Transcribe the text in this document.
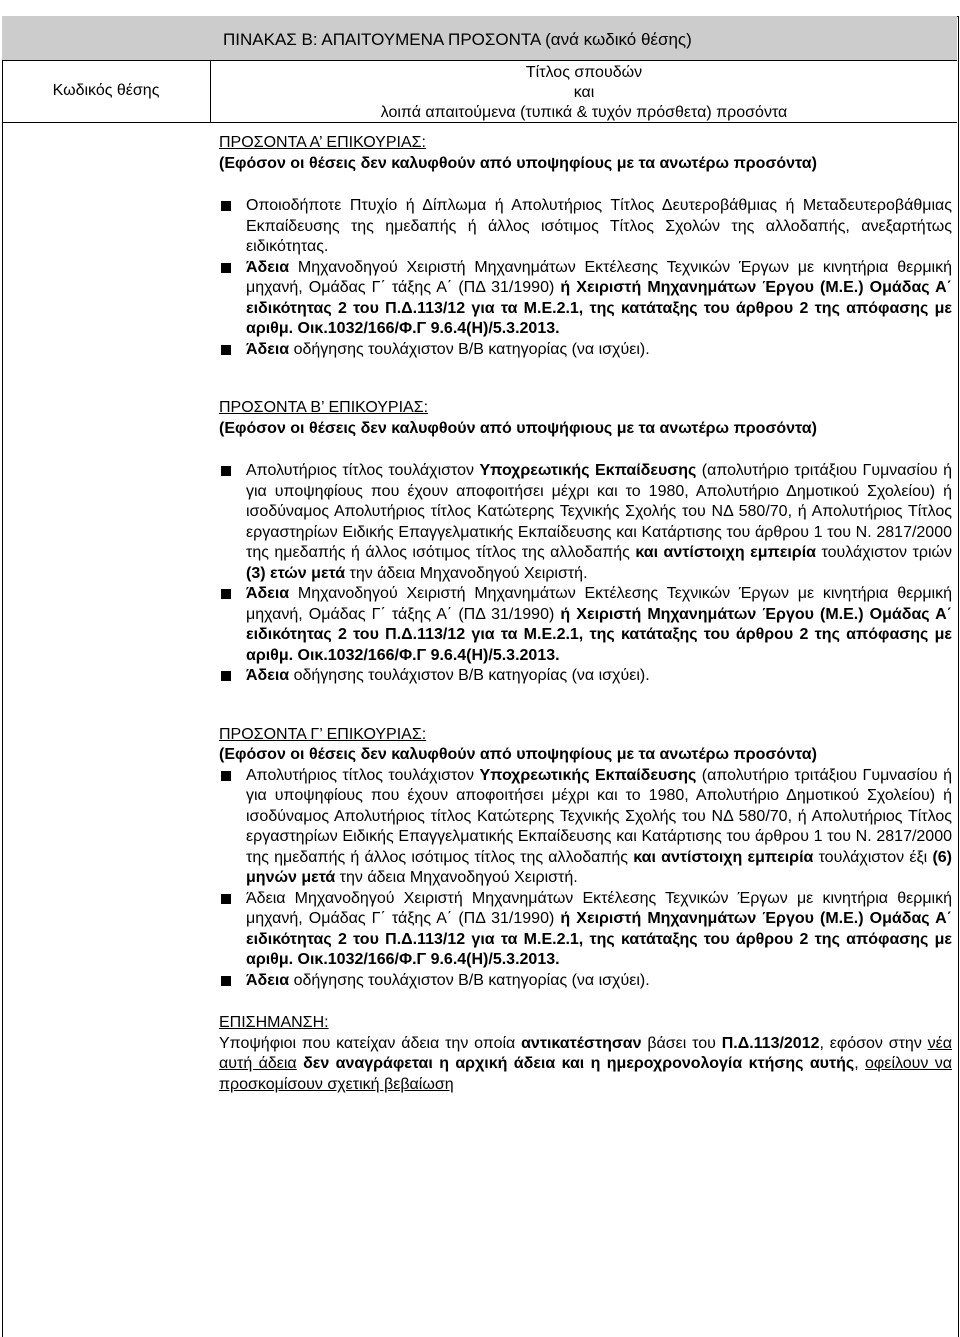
ΠΙΝΑΚΑΣ Β: ΑΠΑΙΤΟΥΜΕΝΑ ΠΡΟΣΟΝΤΑ (ανά κωδικό θέσης)
Κωδικός θέσης
Τίτλος σπουδών
και
λοιπά απαιτούμενα (τυπικά & τυχόν πρόσθετα) προσόντα
ΠΡΟΣΟΝΤΑ Α’ ΕΠΙΚΟΥΡΙΑΣ:
(Εφόσον οι θέσεις δεν καλυφθούν από υποψηφίους με τα ανωτέρω προσόντα)
Οποιοδήποτε Πτυχίο ή Δίπλωμα ή Απολυτήριος Τίτλος Δευτεροβάθμιας ή Μεταδευτεροβάθμιας Εκπαίδευσης της ημεδαπής ή άλλος ισότιμος Τίτλος Σχολών της αλλοδαπής, ανεξαρτήτως ειδικότητας.
Άδεια Μηχανοδηγού Χειριστή Μηχανημάτων Εκτέλεσης Τεχνικών Έργων με κινητήρια θερμική μηχανή, Ομάδας Γ΄ τάξης Α΄ (ΠΔ 31/1990) ή Χειριστή Μηχανημάτων Έργου (Μ.Ε.) Ομάδας Α΄ ειδικότητας 2 του Π.Δ.113/12 για τα Μ.Ε.2.1, της κατάταξης του άρθρου 2 της απόφασης με αριθμ. Οικ.1032/166/Φ.Γ 9.6.4(Η)/5.3.2013.
Άδεια οδήγησης τουλάχιστον Β/Β κατηγορίας (να ισχύει).
ΠΡΟΣΟΝΤΑ Β’ ΕΠΙΚΟΥΡΙΑΣ:
(Εφόσον οι θέσεις δεν καλυφθούν από υποψήφιους με τα ανωτέρω προσόντα)
Απολυτήριος τίτλος τουλάχιστον Υποχρεωτικής Εκπαίδευσης (απολυτήριο τριτάξιου Γυμνασίου ή για υποψηφίους που έχουν αποφοιτήσει μέχρι και το 1980, Απολυτήριο Δημοτικού Σχολείου) ή ισοδύναμος Απολυτήριος τίτλος Κατώτερης Τεχνικής Σχολής του ΝΔ 580/70, ή Απολυτήριος Τίτλος εργαστηρίων Ειδικής Επαγγελματικής Εκπαίδευσης και Κατάρτισης του άρθρου 1 του Ν. 2817/2000 της ημεδαπής ή άλλος ισότιμος τίτλος της αλλοδαπής και αντίστοιχη εμπειρία τουλάχιστον τριών (3) ετών μετά την άδεια Μηχανοδηγού Χειριστή.
Άδεια Μηχανοδηγού Χειριστή Μηχανημάτων Εκτέλεσης Τεχνικών Έργων με κινητήρια θερμική μηχανή, Ομάδας Γ΄ τάξης Α΄ (ΠΔ 31/1990) ή Χειριστή Μηχανημάτων Έργου (Μ.Ε.) Ομάδας Α΄ ειδικότητας 2 του Π.Δ.113/12 για τα Μ.Ε.2.1, της κατάταξης του άρθρου 2 της απόφασης με αριθμ. Οικ.1032/166/Φ.Γ 9.6.4(Η)/5.3.2013.
Άδεια οδήγησης τουλάχιστον Β/Β κατηγορίας (να ισχύει).
ΠΡΟΣΟΝΤΑ Γ’ ΕΠΙΚΟΥΡΙΑΣ:
(Εφόσον οι θέσεις δεν καλυφθούν από υποψηφίους με τα ανωτέρω προσόντα)
Απολυτήριος τίτλος τουλάχιστον Υποχρεωτικής Εκπαίδευσης (απολυτήριο τριτάξιου Γυμνασίου ή για υποψηφίους που έχουν αποφοιτήσει μέχρι και το 1980, Απολυτήριο Δημοτικού Σχολείου) ή ισοδύναμος Απολυτήριος τίτλος Κατώτερης Τεχνικής Σχολής του ΝΔ 580/70, ή Απολυτήριος Τίτλος εργαστηρίων Ειδικής Επαγγελματικής Εκπαίδευσης και Κατάρτισης του άρθρου 1 του Ν. 2817/2000 της ημεδαπής ή άλλος ισότιμος τίτλος της αλλοδαπής και αντίστοιχη εμπειρία τουλάχιστον έξι (6) μηνών μετά την άδεια Μηχανοδηγού Χειριστή.
Άδεια Μηχανοδηγού Χειριστή Μηχανημάτων Εκτέλεσης Τεχνικών Έργων με κινητήρια θερμική μηχανή, Ομάδας Γ΄ τάξης Α΄ (ΠΔ 31/1990) ή Χειριστή Μηχανημάτων Έργου (Μ.Ε.) Ομάδας Α΄ ειδικότητας 2 του Π.Δ.113/12 για τα Μ.Ε.2.1, της κατάταξης του άρθρου 2 της απόφασης με αριθμ. Οικ.1032/166/Φ.Γ 9.6.4(Η)/5.3.2013.
Άδεια οδήγησης τουλάχιστον Β/Β κατηγορίας (να ισχύει).
ΕΠΙΣΗΜΑΝΣΗ:
Υποψήφιοι που κατείχαν άδεια την οποία αντικατέστησαν βάσει του Π.Δ.113/2012, εφόσον στην νέα αυτή άδεια δεν αναγράφεται η αρχική άδεια και η ημεροχρονολογία κτήσης αυτής, οφείλουν να προσκομίσουν σχετική βεβαίωση
